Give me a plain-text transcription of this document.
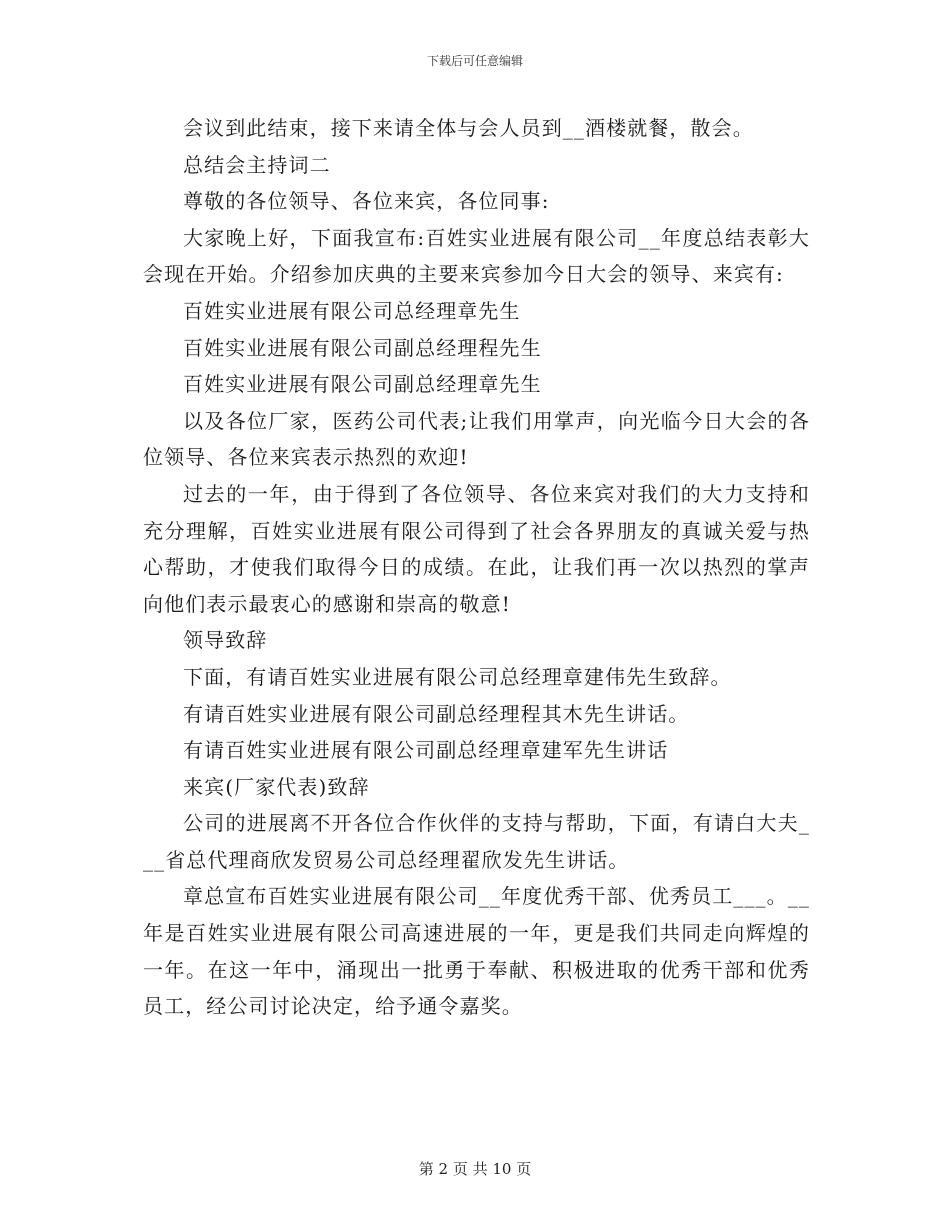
下载后可任意编辑

会议到此结束，接下来请全体与会人员到__酒楼就餐，散会。

总结会主持词二

尊敬的各位领导、各位来宾，各位同事:

大家晚上好，下面我宣布:百姓实业进展有限公司__年度总结表彰大会现在开始。介绍参加庆典的主要来宾参加今日大会的领导、来宾有:

百姓实业进展有限公司总经理章先生

百姓实业进展有限公司副总经理程先生

百姓实业进展有限公司副总经理章先生

以及各位厂家，医药公司代表;让我们用掌声，向光临今日大会的各位领导、各位来宾表示热烈的欢迎!

过去的一年，由于得到了各位领导、各位来宾对我们的大力支持和充分理解，百姓实业进展有限公司得到了社会各界朋友的真诚关爱与热心帮助，才使我们取得今日的成绩。在此，让我们再一次以热烈的掌声向他们表示最衷心的感谢和崇高的敬意!

领导致辞

下面，有请百姓实业进展有限公司总经理章建伟先生致辞。

有请百姓实业进展有限公司副总经理程其木先生讲话。

有请百姓实业进展有限公司副总经理章建军先生讲话

来宾(厂家代表)致辞

公司的进展离不开各位合作伙伴的支持与帮助，下面，有请白大夫___省总代理商欣发贸易公司总经理翟欣发先生讲话。

章总宣布百姓实业进展有限公司__年度优秀干部、优秀员工___。__年是百姓实业进展有限公司高速进展的一年，更是我们共同走向辉煌的一年。在这一年中，涌现出一批勇于奉献、积极进取的优秀干部和优秀员工，经公司讨论决定，给予通令嘉奖。

第 2 页 共 10 页
